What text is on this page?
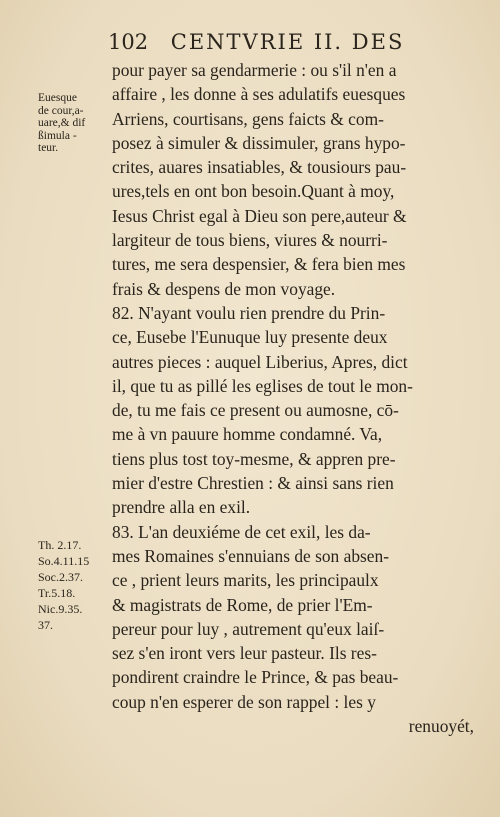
102 CENTVRIE II. DES
Euesque
de cour,a-
uare,& dif
ßimula -
teur.
Th. 2.17.
So.4.11.15
Soc.2.37.
Tr.5.18.
Nic.9.35.
37.
pour payer sa gendarmerie : ou s'il n'en a
affaire , les donne à ses adulatifs euesques
Arriens, courtisans, gens faicts & com-
posez à simuler & dissimuler, grans hypo-
crites, auares insatiables, & tousiours pau-
ures,tels en ont bon besoin.Quant à moy,
Iesus Christ egal à Dieu son pere,auteur &
largiteur de tous biens, viures & nourri-
tures, me sera despensier, & fera bien mes
frais & despens de mon voyage.
82. N'ayant voulu rien prendre du Prin-
ce, Eusebe l'Eunuque luy presente deux
autres pieces : auquel Liberius, Apres, dict
il, que tu as pillé les eglises de tout le mon-
de, tu me fais ce present ou aumosne, cō-
me à vn pauure homme condamné. Va,
tiens plus tost toy-mesme, & appren pre-
mier d'estre Chrestien : & ainsi sans rien
prendre alla en exil.
83. L'an deuxiéme de cet exil, les da-
mes Romaines s'ennuians de son absen-
ce , prient leurs marits, les principaulx
& magistrats de Rome, de prier l'Em-
pereur pour luy , autrement qu'eux laiſ-
sez s'en iront vers leur pasteur. Ils res-
pondirent craindre le Prince, & pas beau-
coup n'en esperer de son rappel : les y
renuoyét,
